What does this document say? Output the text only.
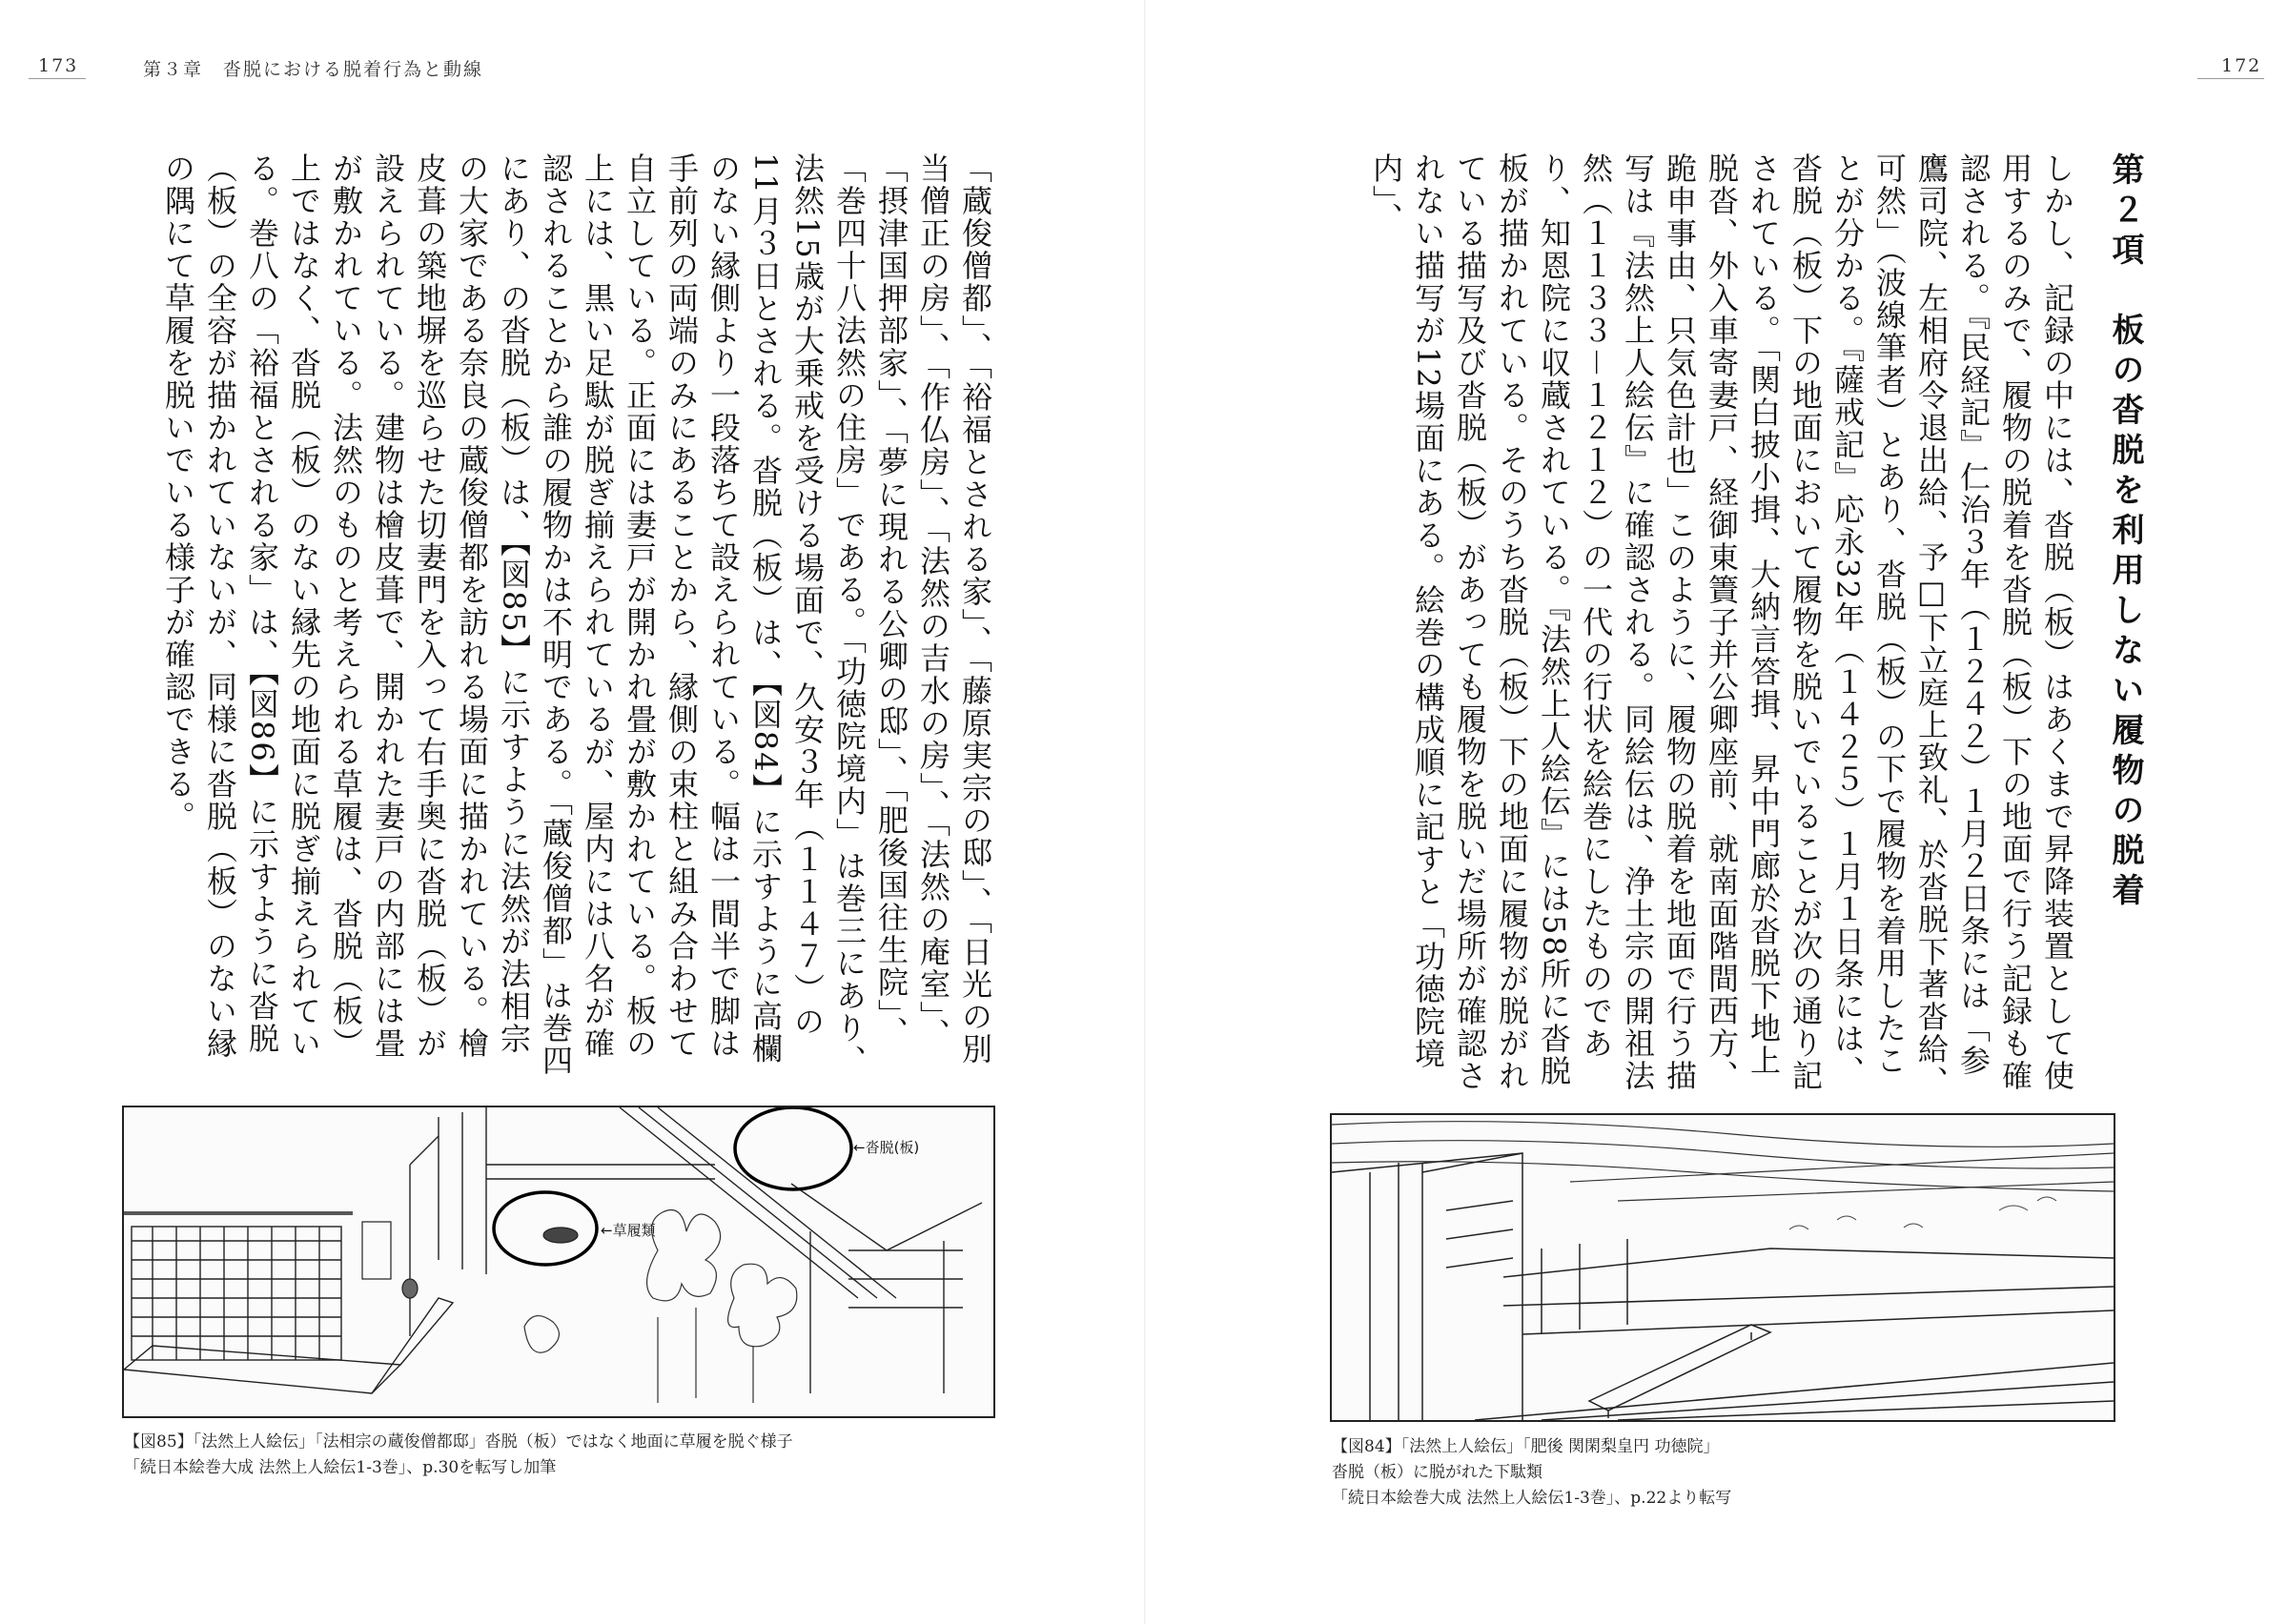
173	第３章　沓脱における脱着行為と動線
「蔵俊僧都」、「裕福とされる家」、「藤原実宗の邸」、「日光の別当僧正の房」、「作仏房」、「法然の吉水の房」、「法然の庵室」、「摂津国押部家」、「夢に現れる公卿の邸」、「肥後国往生院」、「巻四十八法然の住房」である。「功徳院境内」は巻三にあり、法然15歳が大乗戒を受ける場面で、久安３年（１１４７）の11月３日とされる。沓脱（板）は、【図84】に示すように高欄のない縁側より一段落ちて設えられている。幅は一間半で脚は手前列の両端のみにあることから、縁側の束柱と組み合わせて自立している。正面には妻戸が開かれ畳が敷かれている。板の上には、黒い足駄が脱ぎ揃えられているが、屋内には八名が確認されることから誰の履物かは不明である。「蔵俊僧都」は巻四にあり、の沓脱（板）は、【図85】に示すように法然が法相宗の大家である奈良の蔵俊僧都を訪れる場面に描かれている。檜皮葺の築地塀を巡らせた切妻門を入って右手奥に沓脱（板）が設えられている。建物は檜皮葺で、開かれた妻戸の内部には畳が敷かれている。法然のものと考えられる草履は、沓脱（板）上ではなく、沓脱（板）のない縁先の地面に脱ぎ揃えられている。巻八の「裕福とされる家」は、【図86】に示すように沓脱（板）の全容が描かれていないが、同様に沓脱（板）のない縁の隅にて草履を脱いでいる様子が確認できる。
←草履類
←沓脱(板)
【図85】「法然上人絵伝」「法相宗の蔵俊僧都邸」沓脱（板）ではなく地面に草履を脱ぐ様子
「続日本絵巻大成 法然上人絵伝1-3巻」、p.30を転写し加筆
172
第２項　板の沓脱を利用しない履物の脱着
しかし、記録の中には、沓脱（板）はあくまで昇降装置として使用するのみで、履物の脱着を沓脱（板）下の地面で行う記録も確認される。『民経記』仁治３年（１２４２）１月２日条には「参鷹司院、左相府令退出給、予□下立庭上致礼、於沓脱下著沓給、可然」（波線筆者）とあり、沓脱（板）の下で履物を着用したことが分かる。『薩戒記』応永32年（１４２５）１月１日条には、沓脱（板）下の地面において履物を脱いでいることが次の通り記されている。「関白披小揖、大納言答揖、昇中門廊於沓脱下地上脱沓、外入車寄妻戸、経御東簀子并公卿座前、就南面階間西方、跪申事由、只気色計也」このように、履物の脱着を地面で行う描写は『法然上人絵伝』に確認される。同絵伝は、浄土宗の開祖法然（１１３３－１２１２）の一代の行状を絵巻にしたものであり、知恩院に収蔵されている。『法然上人絵伝』には58所に沓脱板が描かれている。そのうち沓脱（板）下の地面に履物が脱がれている描写及び沓脱（板）があっても履物を脱いだ場所が確認されない描写が12場面にある。絵巻の構成順に記すと「功徳院境内」、
【図84】「法然上人絵伝」「肥後 関閑梨皇円 功徳院」
沓脱（板）に脱がれた下駄類
「続日本絵巻大成 法然上人絵伝1-3巻」、p.22より転写
